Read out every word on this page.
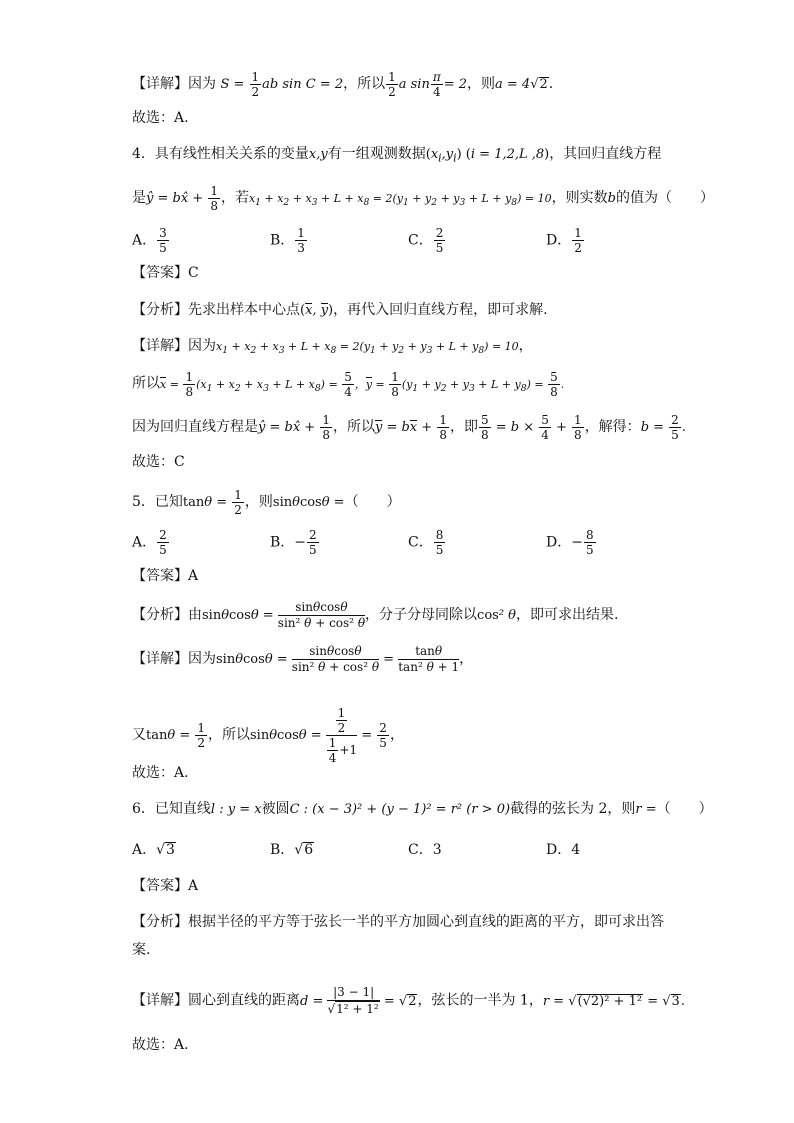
【详解】因为 $S = \frac{1}{2}$ ab sin C = 2，所以 $\frac{1}{2}$ a $\sin \frac{\pi}{4} = 2$，则a = 4√2.
故选：A.
4．具有线性相关关系的变量x,y有一组观测数据$(x_i,y_i) (i = 1,2,L$ ,8)，其回归直线方程
是ŷ = bx̂ + $\frac{1}{8}$ ，若$x_1 + x_2 + x_3 + L + x_8 = 2(y_1 + y_2 + y_3 + L + y_8) = 10$，则实数b的值为（　　）
A． $\frac{3}{5}$	B． $\frac{1}{3}$	C． $\frac{2}{5}$	D． $\frac{1}{2}$
【答案】C
【分析】先求出样本中心点(x, y)，再代入回归直线方程，即可求解.
【详解】因为$x_1 + x_2 + x_3 + L + x_8 = 2(y_1 + y_2 + y_3 + L + y_8) = 10$，
所以$x = \frac{1}{8} (x_1 + x_2 + x_3 + L + x_8) = \frac{5}{4}$ ，$y = \frac{1}{8} (y_1 + y_2 + y_3 + L + y_8) = \frac{5}{8}$ .
因为回归直线方程是ŷ = bx̂ + $\frac{1}{8}$ ，所以y = bx + $\frac{1}{8}$ ，即 $\frac{5}{8} = b \times \frac{5}{4} + \frac{1}{8}$ ，解得：$b = \frac{2}{5}$ .
故选：C
5．已知$\tan\theta = \frac{1}{2}$ ，则sinθcosθ =（　　）
A． $\frac{2}{5}$	B．− $\frac{2}{5}$	C． $\frac{8}{5}$	D．− $\frac{8}{5}$
【答案】A
【分析】由$\sin\theta\cos\theta = \frac{\sin\theta\cos\theta}{\text{sin² θ + cos² θ}}$ ，分子分母同除以cos² θ，即可求出结果.
【详解】因为$\sin\theta\cos\theta = \frac{\sin\theta\cos\theta}{\text{sin² θ + cos² θ}} = \frac{\tan\theta}{\text{tan² θ + 1}}$ ，
又$\tan\theta = \frac{1}{2}$ ，所以$\sin\theta\cos\theta = \frac{\frac{1}{2}}{\frac{1}{4} +1} = \frac{2}{5}$ ，
故选：A.
6．已知直线l : y = x被圆C : (x − 3)² + (y − 1)² = r² (r > 0)截得的弦长为 2，则r =（　　）
A．√3	B．√6	C．3	D．4
【答案】A
【分析】根据半径的平方等于弦长一半的平方加圆心到直线的距离的平方，即可求出答
案.
【详解】圆心到直线的距离$d = \frac{|3 - 1|}{\text{√1² + 1²}} = √2$，弦长的一半为 1，r = √(√2)² + 1² = √3.
故选：A.
